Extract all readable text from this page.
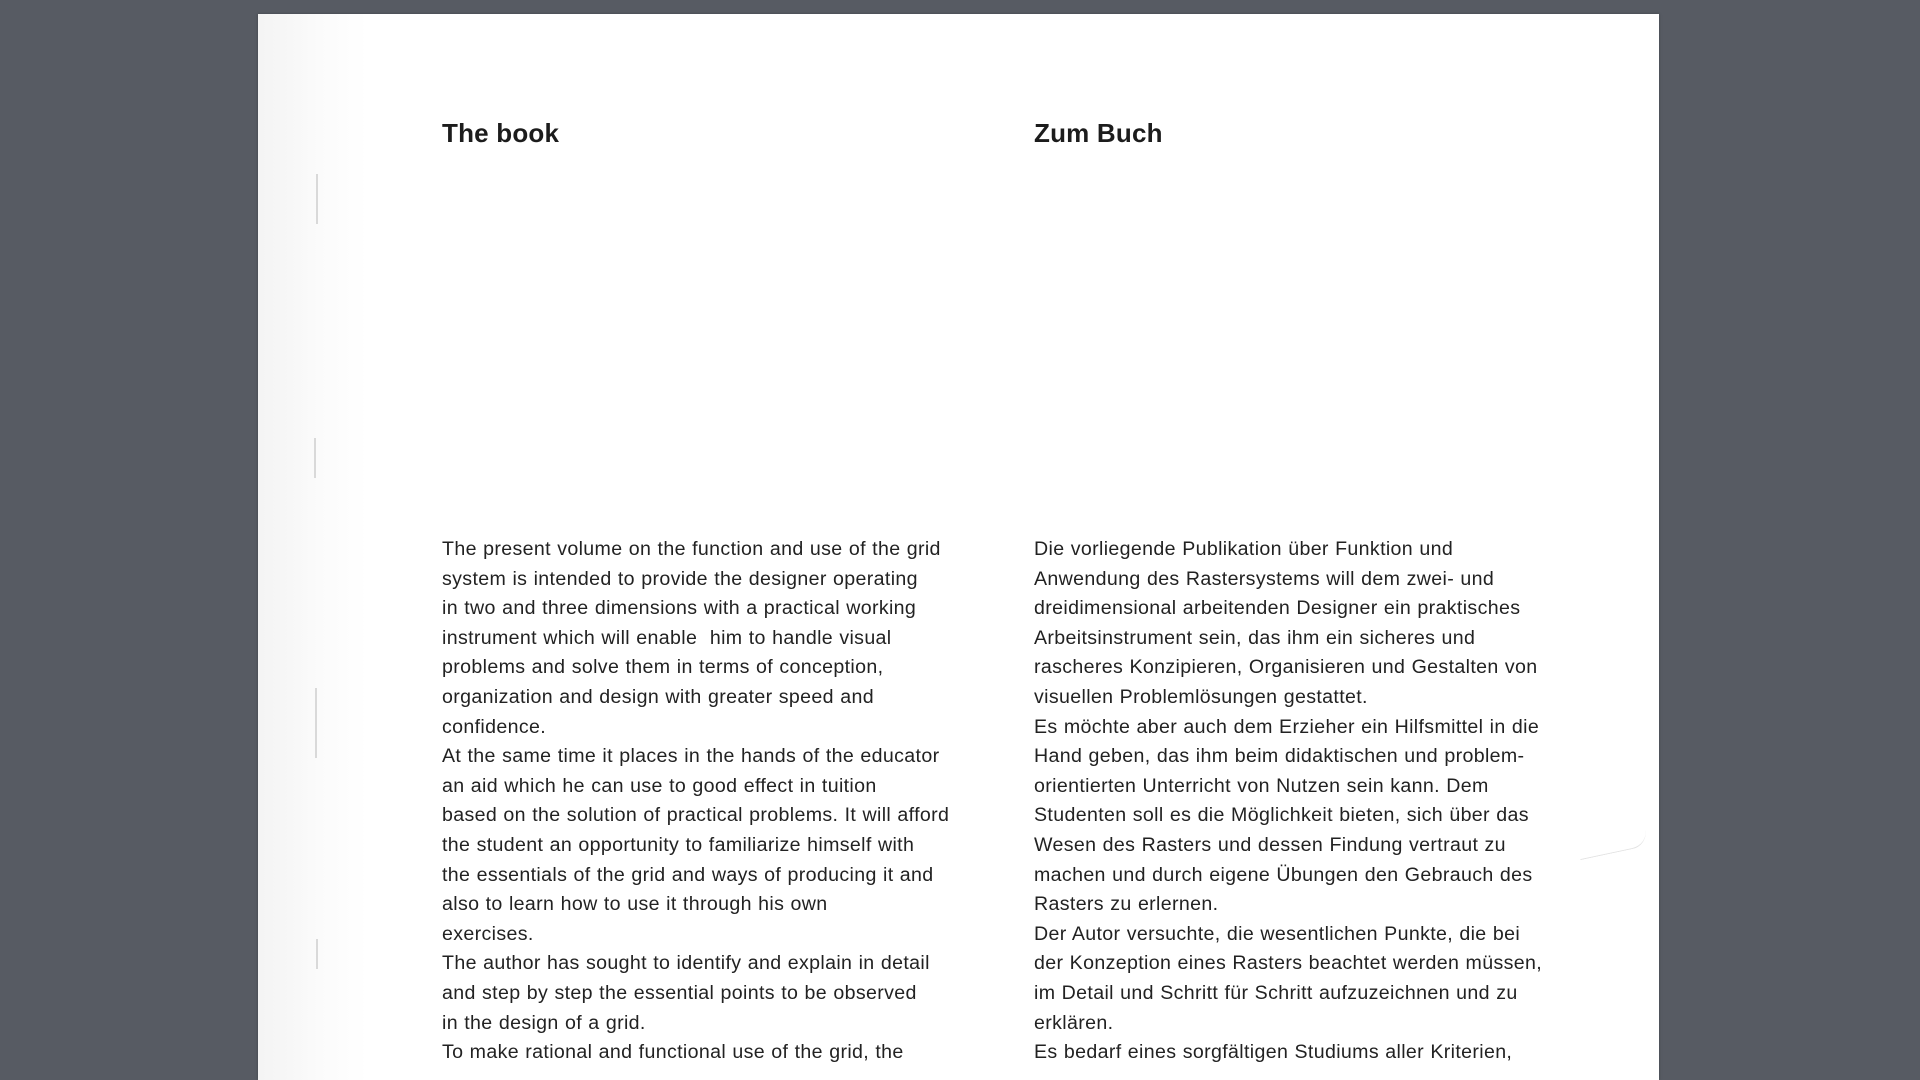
The book
The present volume on the function and use of the grid
system is intended to provide the designer operating
in two and three dimensions with a practical working
instrument which will enable  him to handle visual
problems and solve them in terms of conception,
organization and design with greater speed and
confidence.
At the same time it places in the hands of the educator
an aid which he can use to good effect in tuition
based on the solution of practical problems. It will afford
the student an opportunity to familiarize himself with
the essentials of the grid and ways of producing it and
also to learn how to use it through his own
exercises.
The author has sought to identify and explain in detail
and step by step the essential points to be observed
in the design of a grid.
To make rational and functional use of the grid, the
Zum Buch
Die vorliegende Publikation über Funktion und
Anwendung des Rastersystems will dem zwei- und
dreidimensional arbeitenden Designer ein praktisches
Arbeitsinstrument sein, das ihm ein sicheres und
rascheres Konzipieren, Organisieren und Gestalten von
visuellen Problemlösungen gestattet.
Es möchte aber auch dem Erzieher ein Hilfsmittel in die
Hand geben, das ihm beim didaktischen und problem-
orientierten Unterricht von Nutzen sein kann. Dem
Studenten soll es die Möglichkeit bieten, sich über das
Wesen des Rasters und dessen Findung vertraut zu
machen und durch eigene Übungen den Gebrauch des
Rasters zu erlernen.
Der Autor versuchte, die wesentlichen Punkte, die bei
der Konzeption eines Rasters beachtet werden müssen,
im Detail und Schritt für Schritt aufzuzeichnen und zu
erklären.
Es bedarf eines sorgfältigen Studiums aller Kriterien,
